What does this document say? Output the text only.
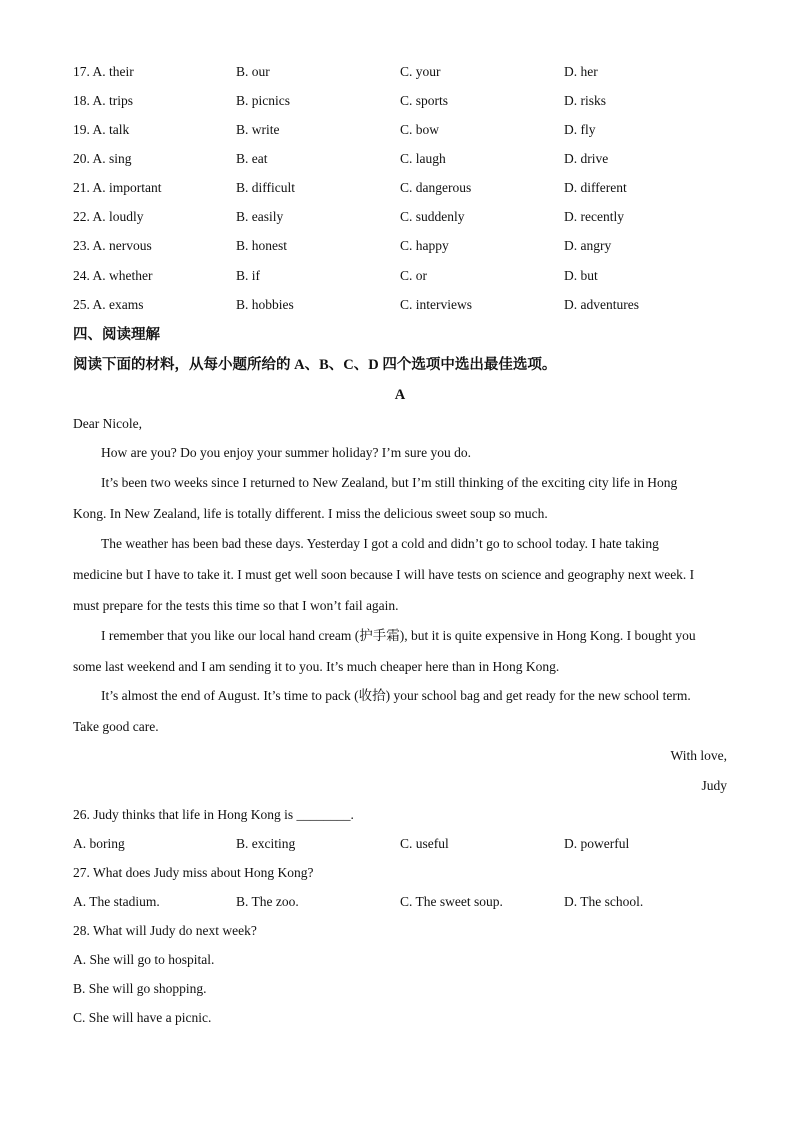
17. A. their	B. our	C. your	D. her
18. A. trips	B. picnics	C. sports	D. risks
19. A. talk	B. write	C. bow	D. fly
20. A. sing	B. eat	C. laugh	D. drive
21. A. important	B. difficult	C. dangerous	D. different
22. A. loudly	B. easily	C. suddenly	D. recently
23. A. nervous	B. honest	C. happy	D. angry
24. A. whether	B. if	C. or	D. but
25. A. exams	B. hobbies	C. interviews	D. adventures
四、阅读理解
阅读下面的材料，从每小题所给的 A、B、C、D 四个选项中选出最佳选项。
A
Dear Nicole,
How are you? Do you enjoy your summer holiday? I’m sure you do.
It’s been two weeks since I returned to New Zealand, but I’m still thinking of the exciting city life in Hong
Kong. In New Zealand, life is totally different. I miss the delicious sweet soup so much.
The weather has been bad these days. Yesterday I got a cold and didn’t go to school today. I hate taking
medicine but I have to take it. I must get well soon because I will have tests on science and geography next week. I
must prepare for the tests this time so that I won’t fail again.
I remember that you like our local hand cream (护手霜), but it is quite expensive in Hong Kong. I bought you
some last weekend and I am sending it to you. It’s much cheaper here than in Hong Kong.
It’s almost the end of August. It’s time to pack (收拾) your school bag and get ready for the new school term.
Take good care.
With love,
Judy
26. Judy thinks that life in Hong Kong is ________.
A. boring	B. exciting	C. useful	D. powerful
27. What does Judy miss about Hong Kong?
A. The stadium.	B. The zoo.	C. The sweet soup.	D. The school.
28. What will Judy do next week?
A. She will go to hospital.
B. She will go shopping.
C. She will have a picnic.
